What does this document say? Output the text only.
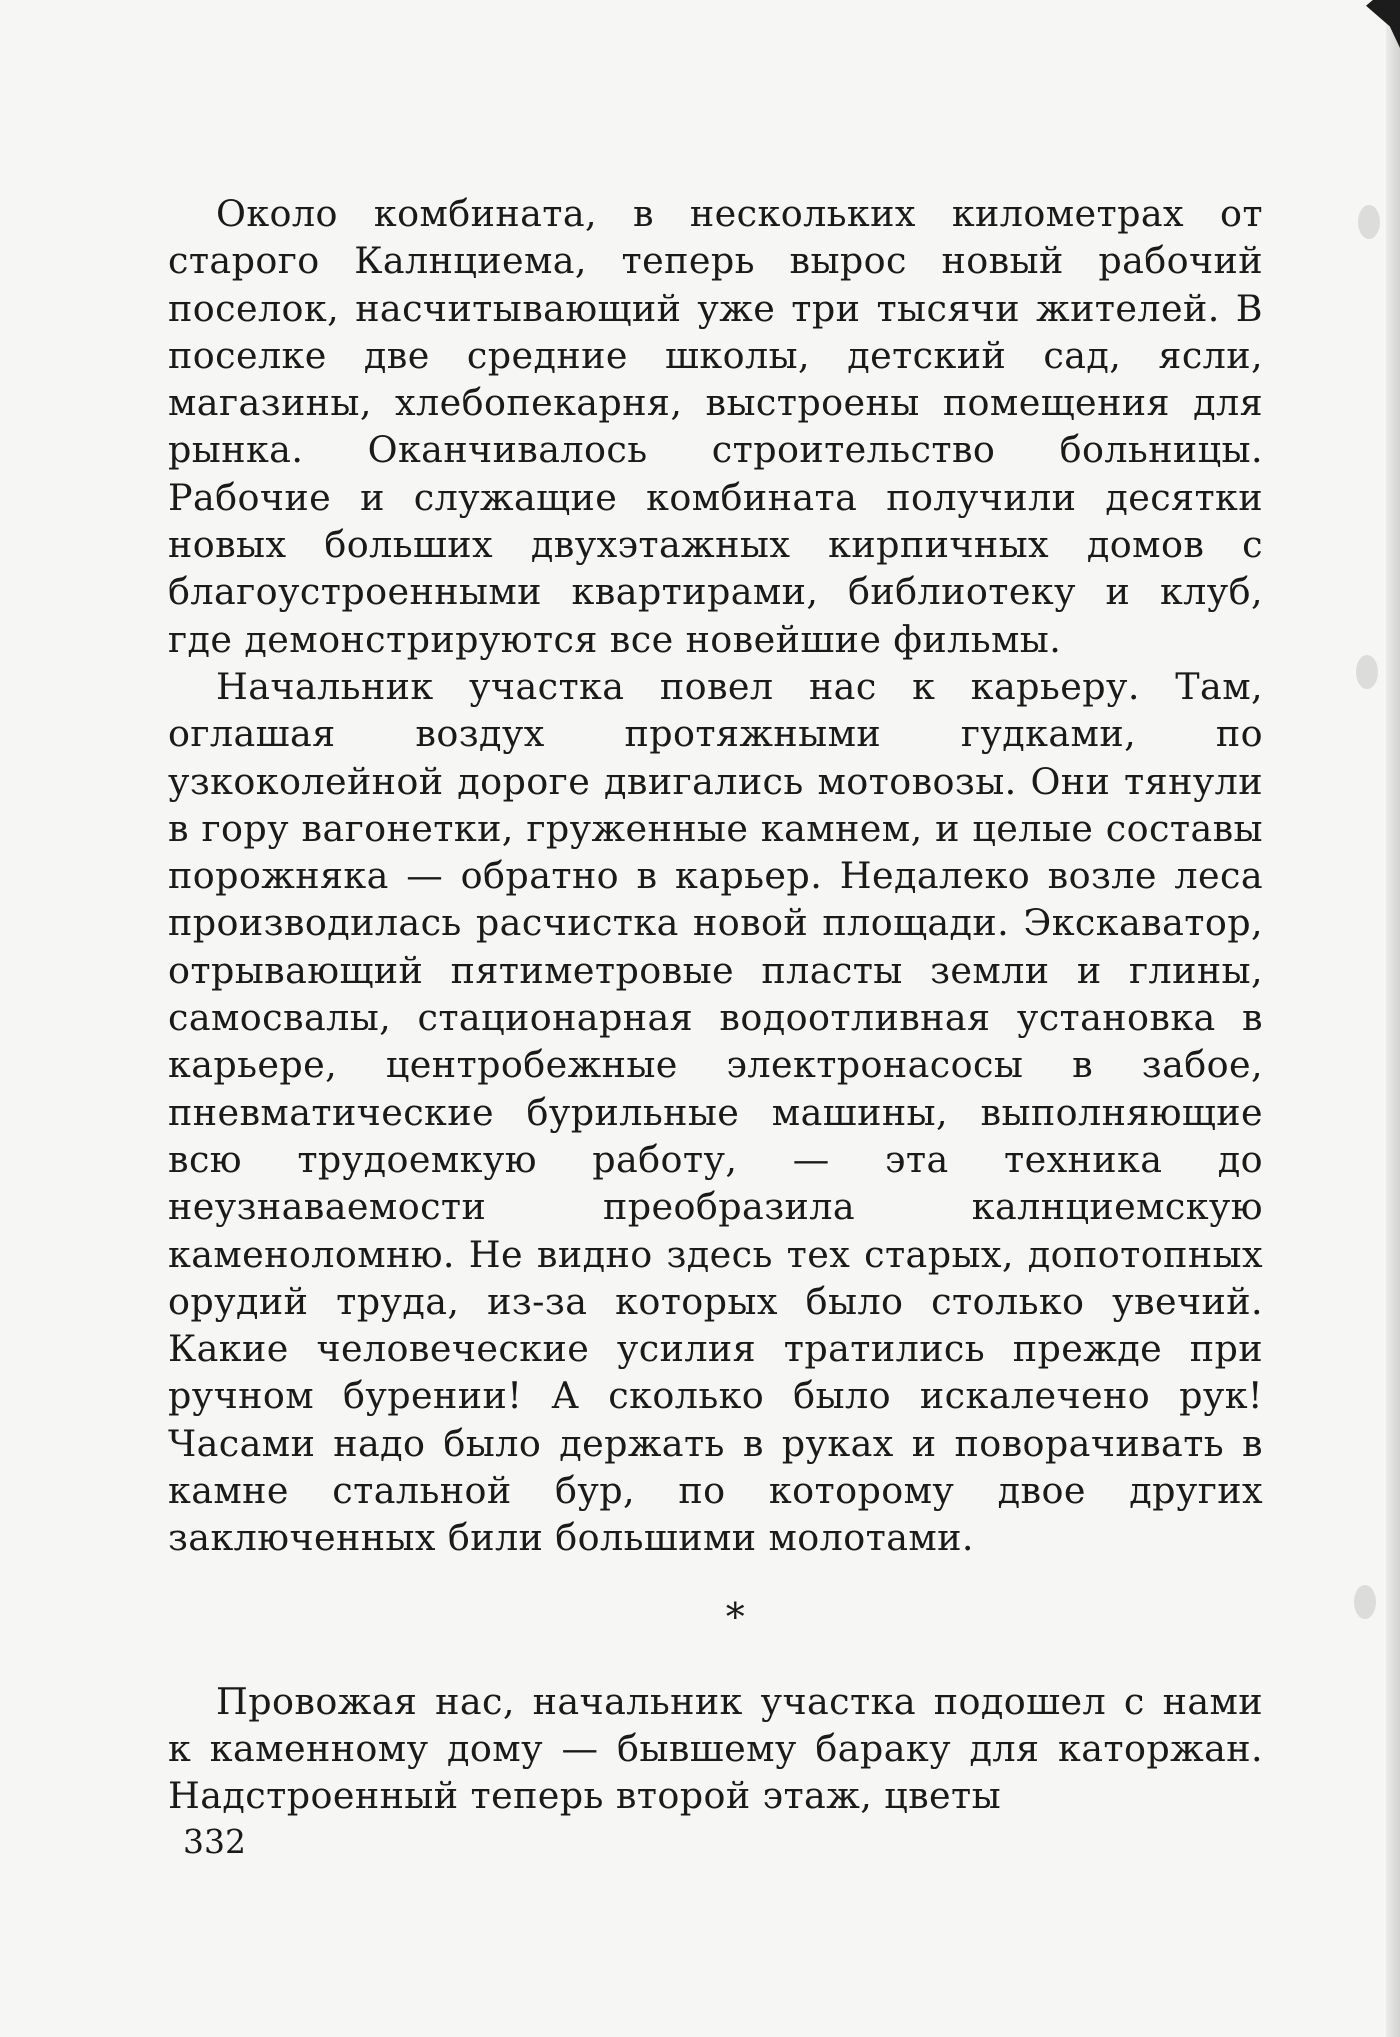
Около комбината, в нескольких километрах от старого Калнциема, теперь вырос новый рабочий поселок, насчитывающий уже три тысячи жителей. В поселке две средние школы, детский сад, ясли, магазины, хлебопекарня, выстроены помещения для рынка. Оканчивалось строительство больницы. Рабочие и служащие комбината получили десятки новых больших двухэтажных кирпичных домов с благоустроенными квартирами, библиотеку и клуб, где демонстрируются все новейшие фильмы.

Начальник участка повел нас к карьеру. Там, оглашая воздух протяжными гудками, по узкоколейной дороге двигались мотовозы. Они тянули в гору вагонетки, груженные камнем, и целые составы порожняка — обратно в карьер. Недалеко возле леса производилась расчистка новой площади. Экскаватор, отрывающий пятиметровые пласты земли и глины, самосвалы, стационарная водоотливная установка в карьере, центробежные электронасосы в забое, пневматические бурильные машины, выполняющие всю трудоемкую работу, — эта техника до неузнаваемости преобразила калнциемскую каменоломню. Не видно здесь тех старых, допотопных орудий труда, из-за которых было столько увечий. Какие человеческие усилия тратились прежде при ручном бурении! А сколько было искалечено рук! Часами надо было держать в руках и поворачивать в камне стальной бур, по которому двое других заключенных били большими молотами.

*

Провожая нас, начальник участка подошел с нами к каменному дому — бывшему бараку для каторжан. Надстроенный теперь второй этаж, цветы

332
